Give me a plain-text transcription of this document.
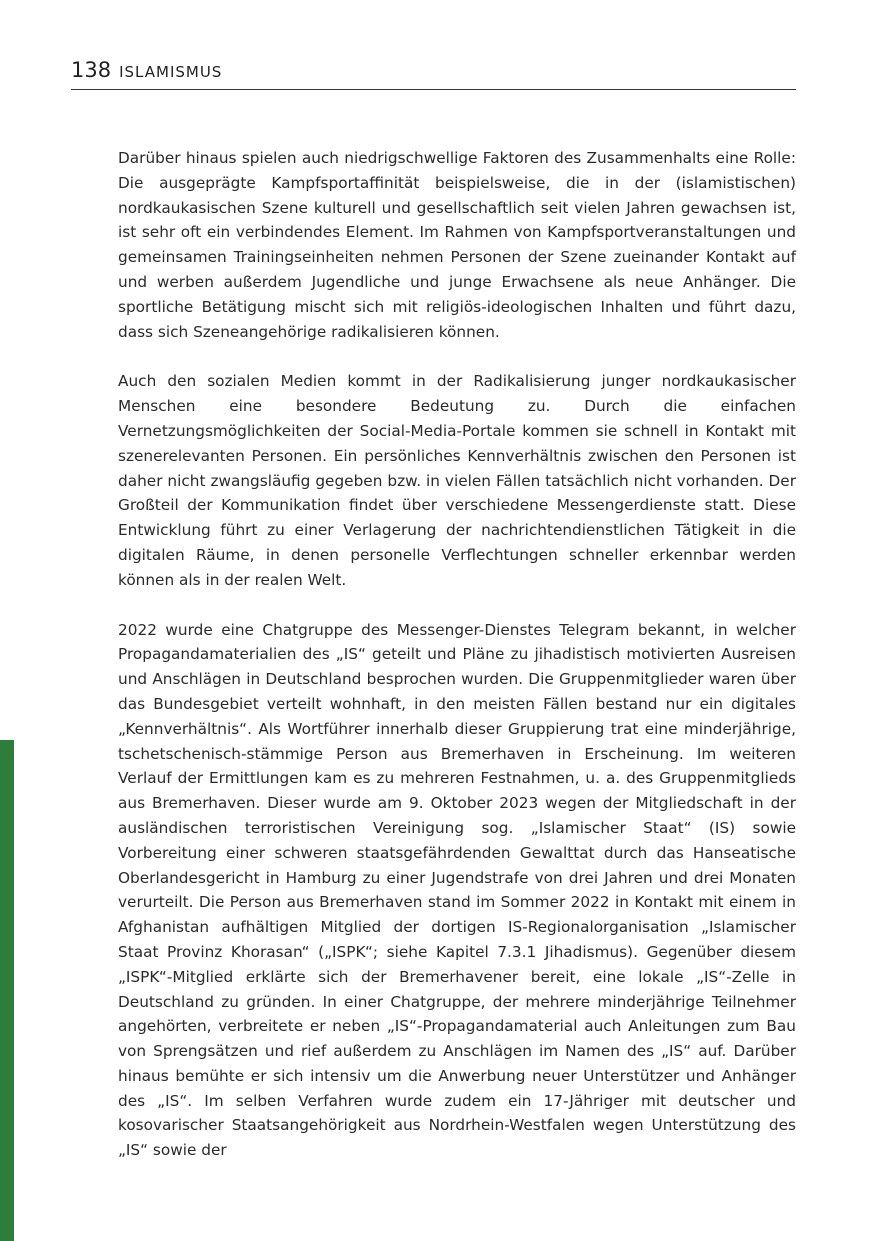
138 ISLAMISMUS

Darüber hinaus spielen auch niedrigschwellige Faktoren des Zusammenhalts eine Rolle: Die ausgeprägte Kampfsportaffinität beispielsweise, die in der (islamistischen) nordkaukasischen Szene kulturell und gesellschaftlich seit vielen Jahren gewachsen ist, ist sehr oft ein verbindendes Element. Im Rahmen von Kampfsportveranstaltungen und gemeinsamen Trainingseinheiten nehmen Personen der Szene zueinander Kontakt auf und werben außerdem Jugendliche und junge Erwachsene als neue Anhänger. Die sportliche Betätigung mischt sich mit religiös-ideologischen Inhalten und führt dazu, dass sich Szeneangehörige radikalisieren können.

Auch den sozialen Medien kommt in der Radikalisierung junger nordkaukasischer Menschen eine besondere Bedeutung zu. Durch die einfachen Vernetzungsmöglichkeiten der Social-Media-Portale kommen sie schnell in Kontakt mit szenerelevanten Personen. Ein persönliches Kennverhältnis zwischen den Personen ist daher nicht zwangsläufig gegeben bzw. in vielen Fällen tatsächlich nicht vorhanden. Der Großteil der Kommunikation findet über verschiedene Messengerdienste statt. Diese Entwicklung führt zu einer Verlagerung der nachrichtendienstlichen Tätigkeit in die digitalen Räume, in denen personelle Verflechtungen schneller erkennbar werden können als in der realen Welt.

2022 wurde eine Chatgruppe des Messenger-Dienstes Telegram bekannt, in welcher Propagandamaterialien des „IS“ geteilt und Pläne zu jihadistisch motivierten Ausreisen und Anschlägen in Deutschland besprochen wurden. Die Gruppenmitglieder waren über das Bundesgebiet verteilt wohnhaft, in den meisten Fällen bestand nur ein digitales „Kennverhältnis“. Als Wortführer innerhalb dieser Gruppierung trat eine minderjährige, tschetschenisch-stämmige Person aus Bremerhaven in Erscheinung. Im weiteren Verlauf der Ermittlungen kam es zu mehreren Festnahmen, u. a. des Gruppenmitglieds aus Bremerhaven. Dieser wurde am 9. Oktober 2023 wegen der Mitgliedschaft in der ausländischen terroristischen Vereinigung sog. „Islamischer Staat“ (IS) sowie Vorbereitung einer schweren staatsgefährdenden Gewalttat durch das Hanseatische Oberlandesgericht in Hamburg zu einer Jugendstrafe von drei Jahren und drei Monaten verurteilt. Die Person aus Bremerhaven stand im Sommer 2022 in Kontakt mit einem in Afghanistan aufhältigen Mitglied der dortigen IS-Regionalorganisation „Islamischer Staat Provinz Khorasan“ („ISPK“; siehe Kapitel 7.3.1 Jihadismus). Gegenüber diesem „ISPK“-Mitglied erklärte sich der Bremerhavener bereit, eine lokale „IS“-Zelle in Deutschland zu gründen. In einer Chatgruppe, der mehrere minderjährige Teilnehmer angehörten, verbreitete er neben „IS“-Propagandamaterial auch Anleitungen zum Bau von Sprengsätzen und rief außerdem zu Anschlägen im Namen des „IS“ auf. Darüber hinaus bemühte er sich intensiv um die Anwerbung neuer Unterstützer und Anhänger des „IS“. Im selben Verfahren wurde zudem ein 17-Jähriger mit deutscher und kosovarischer Staatsangehörigkeit aus Nordrhein-Westfalen wegen Unterstützung des „IS“ sowie der
